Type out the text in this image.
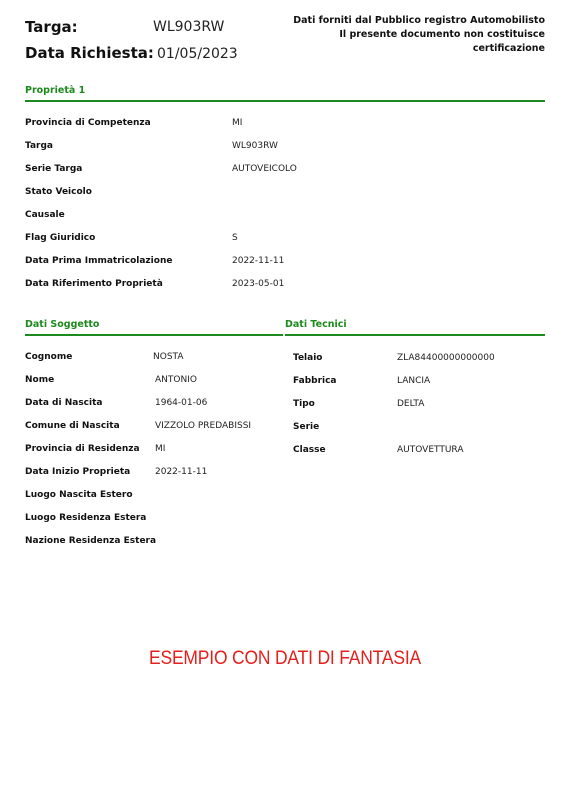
Targa:	WL903RW
Data Richiesta: 01/05/2023
Dati forniti dal Pubblico registro Automobilisto
Il presente documento non costituisce
certificazione
Proprietà 1
Provincia di Competenza	MI
Targa	WL903RW
Serie Targa	AUTOVEICOLO
Stato Veicolo
Causale
Flag Giuridico	S
Data Prima Immatricolazione	2022-11-11
Data Riferimento Proprietà	2023-05-01
Dati Soggetto
Cognome	NOSTA
Nome	ANTONIO
Data di Nascita	1964-01-06
Comune di Nascita	VIZZOLO PREDABISSI
Provincia di Residenza MI
Data Inizio Proprieta	2022-11-11
Luogo Nascita Estero
Luogo Residenza Estera
Nazione Residenza Estera
Dati Tecnici
Telaio	ZLA84400000000000
Fabbrica	LANCIA
Tipo	DELTA
Serie
Classe	AUTOVETTURA
ESEMPIO CON DATI DI FANTASIA
